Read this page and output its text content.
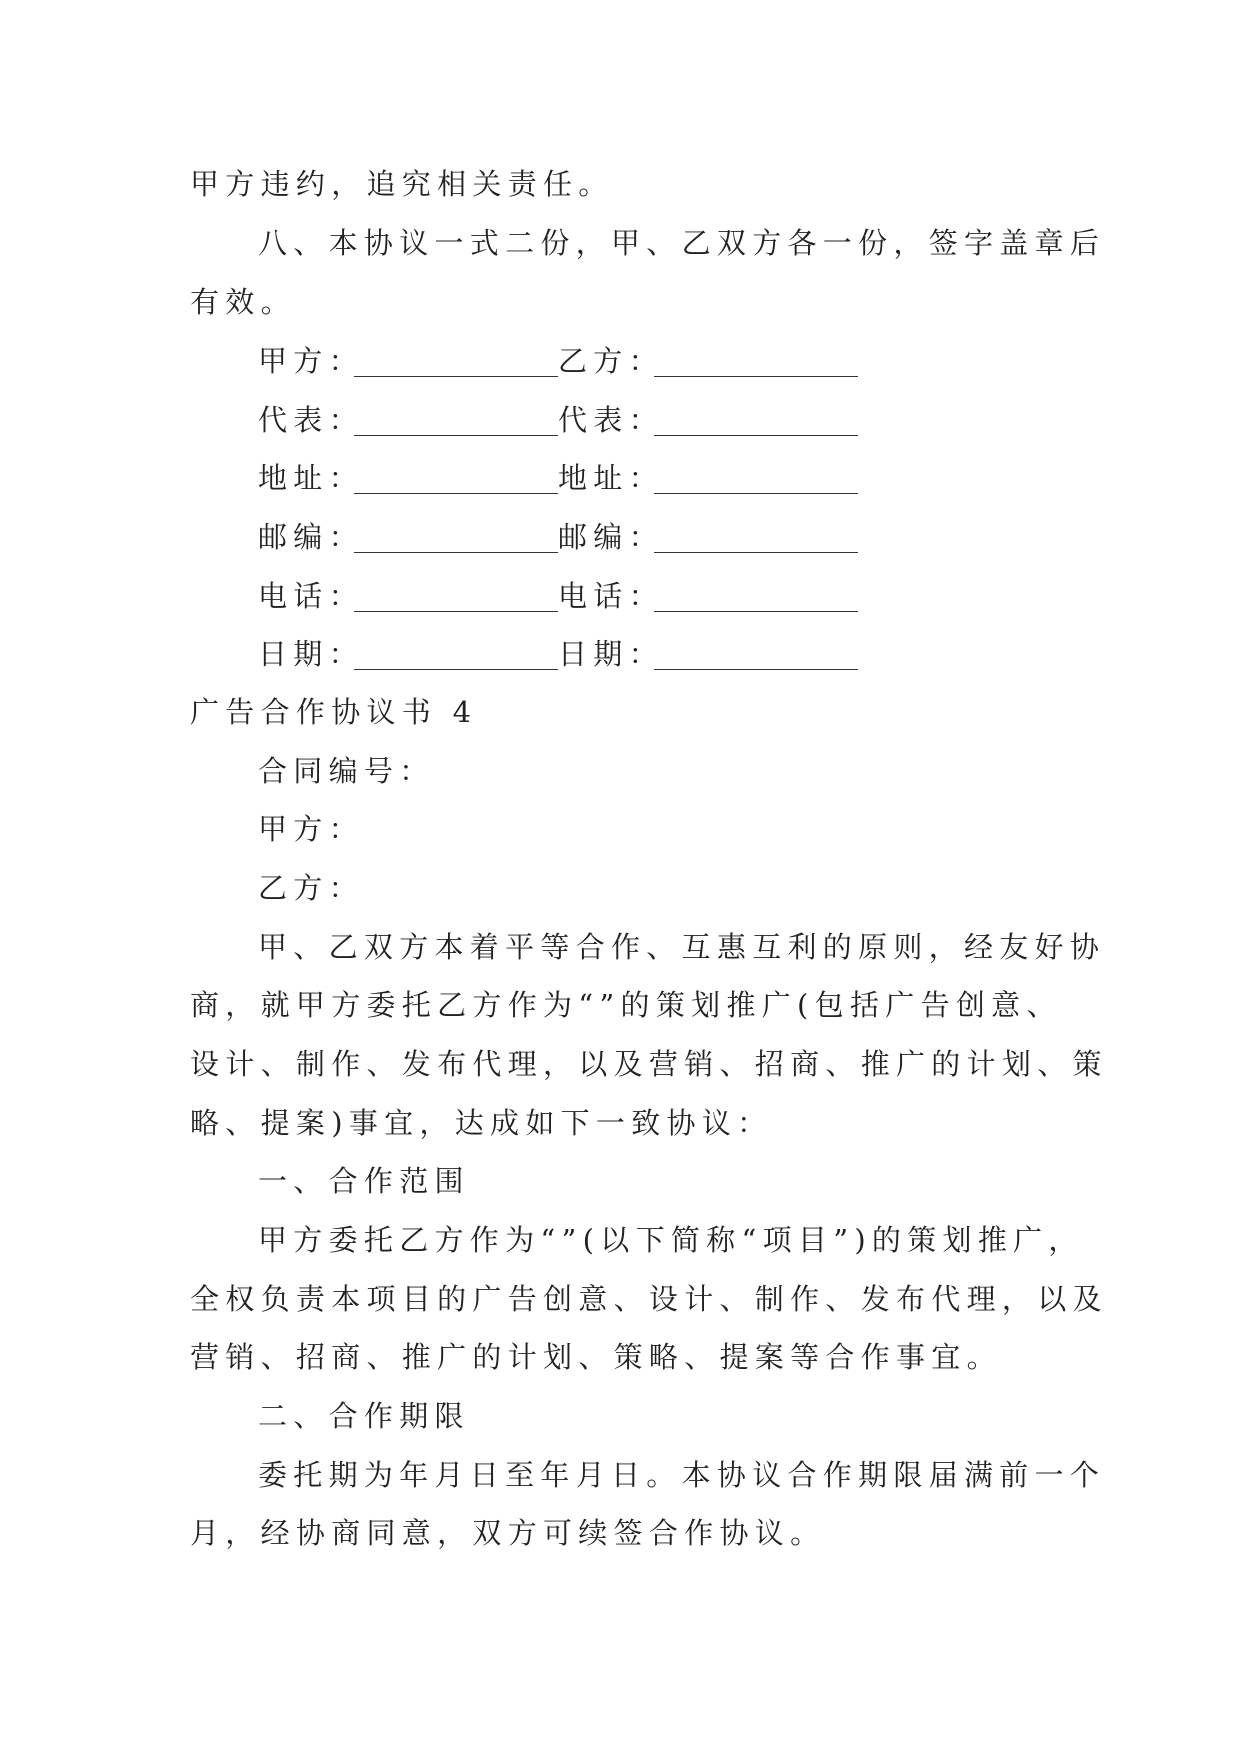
甲方违约，追究相关责任。
八、本协议一式二份，甲、乙双方各一份，签字盖章后
有效。
甲方：	乙方：
代表：	代表：
地址：	地址：
邮编：	邮编：
电话：	电话：
日期：	日期：
广告合作协议书 4
合同编号：
甲方：
乙方：
甲、乙双方本着平等合作、互惠互利的原则，经友好协
商，就甲方委托乙方作为“”的策划推广(包括广告创意、
设计、制作、发布代理，以及营销、招商、推广的计划、策
略、提案)事宜，达成如下一致协议：
一、合作范围
甲方委托乙方作为“”(以下简称“项目”)的策划推广，
全权负责本项目的广告创意、设计、制作、发布代理，以及
营销、招商、推广的计划、策略、提案等合作事宜。
二、合作期限
委托期为年月日至年月日。本协议合作期限届满前一个
月，经协商同意，双方可续签合作协议。
